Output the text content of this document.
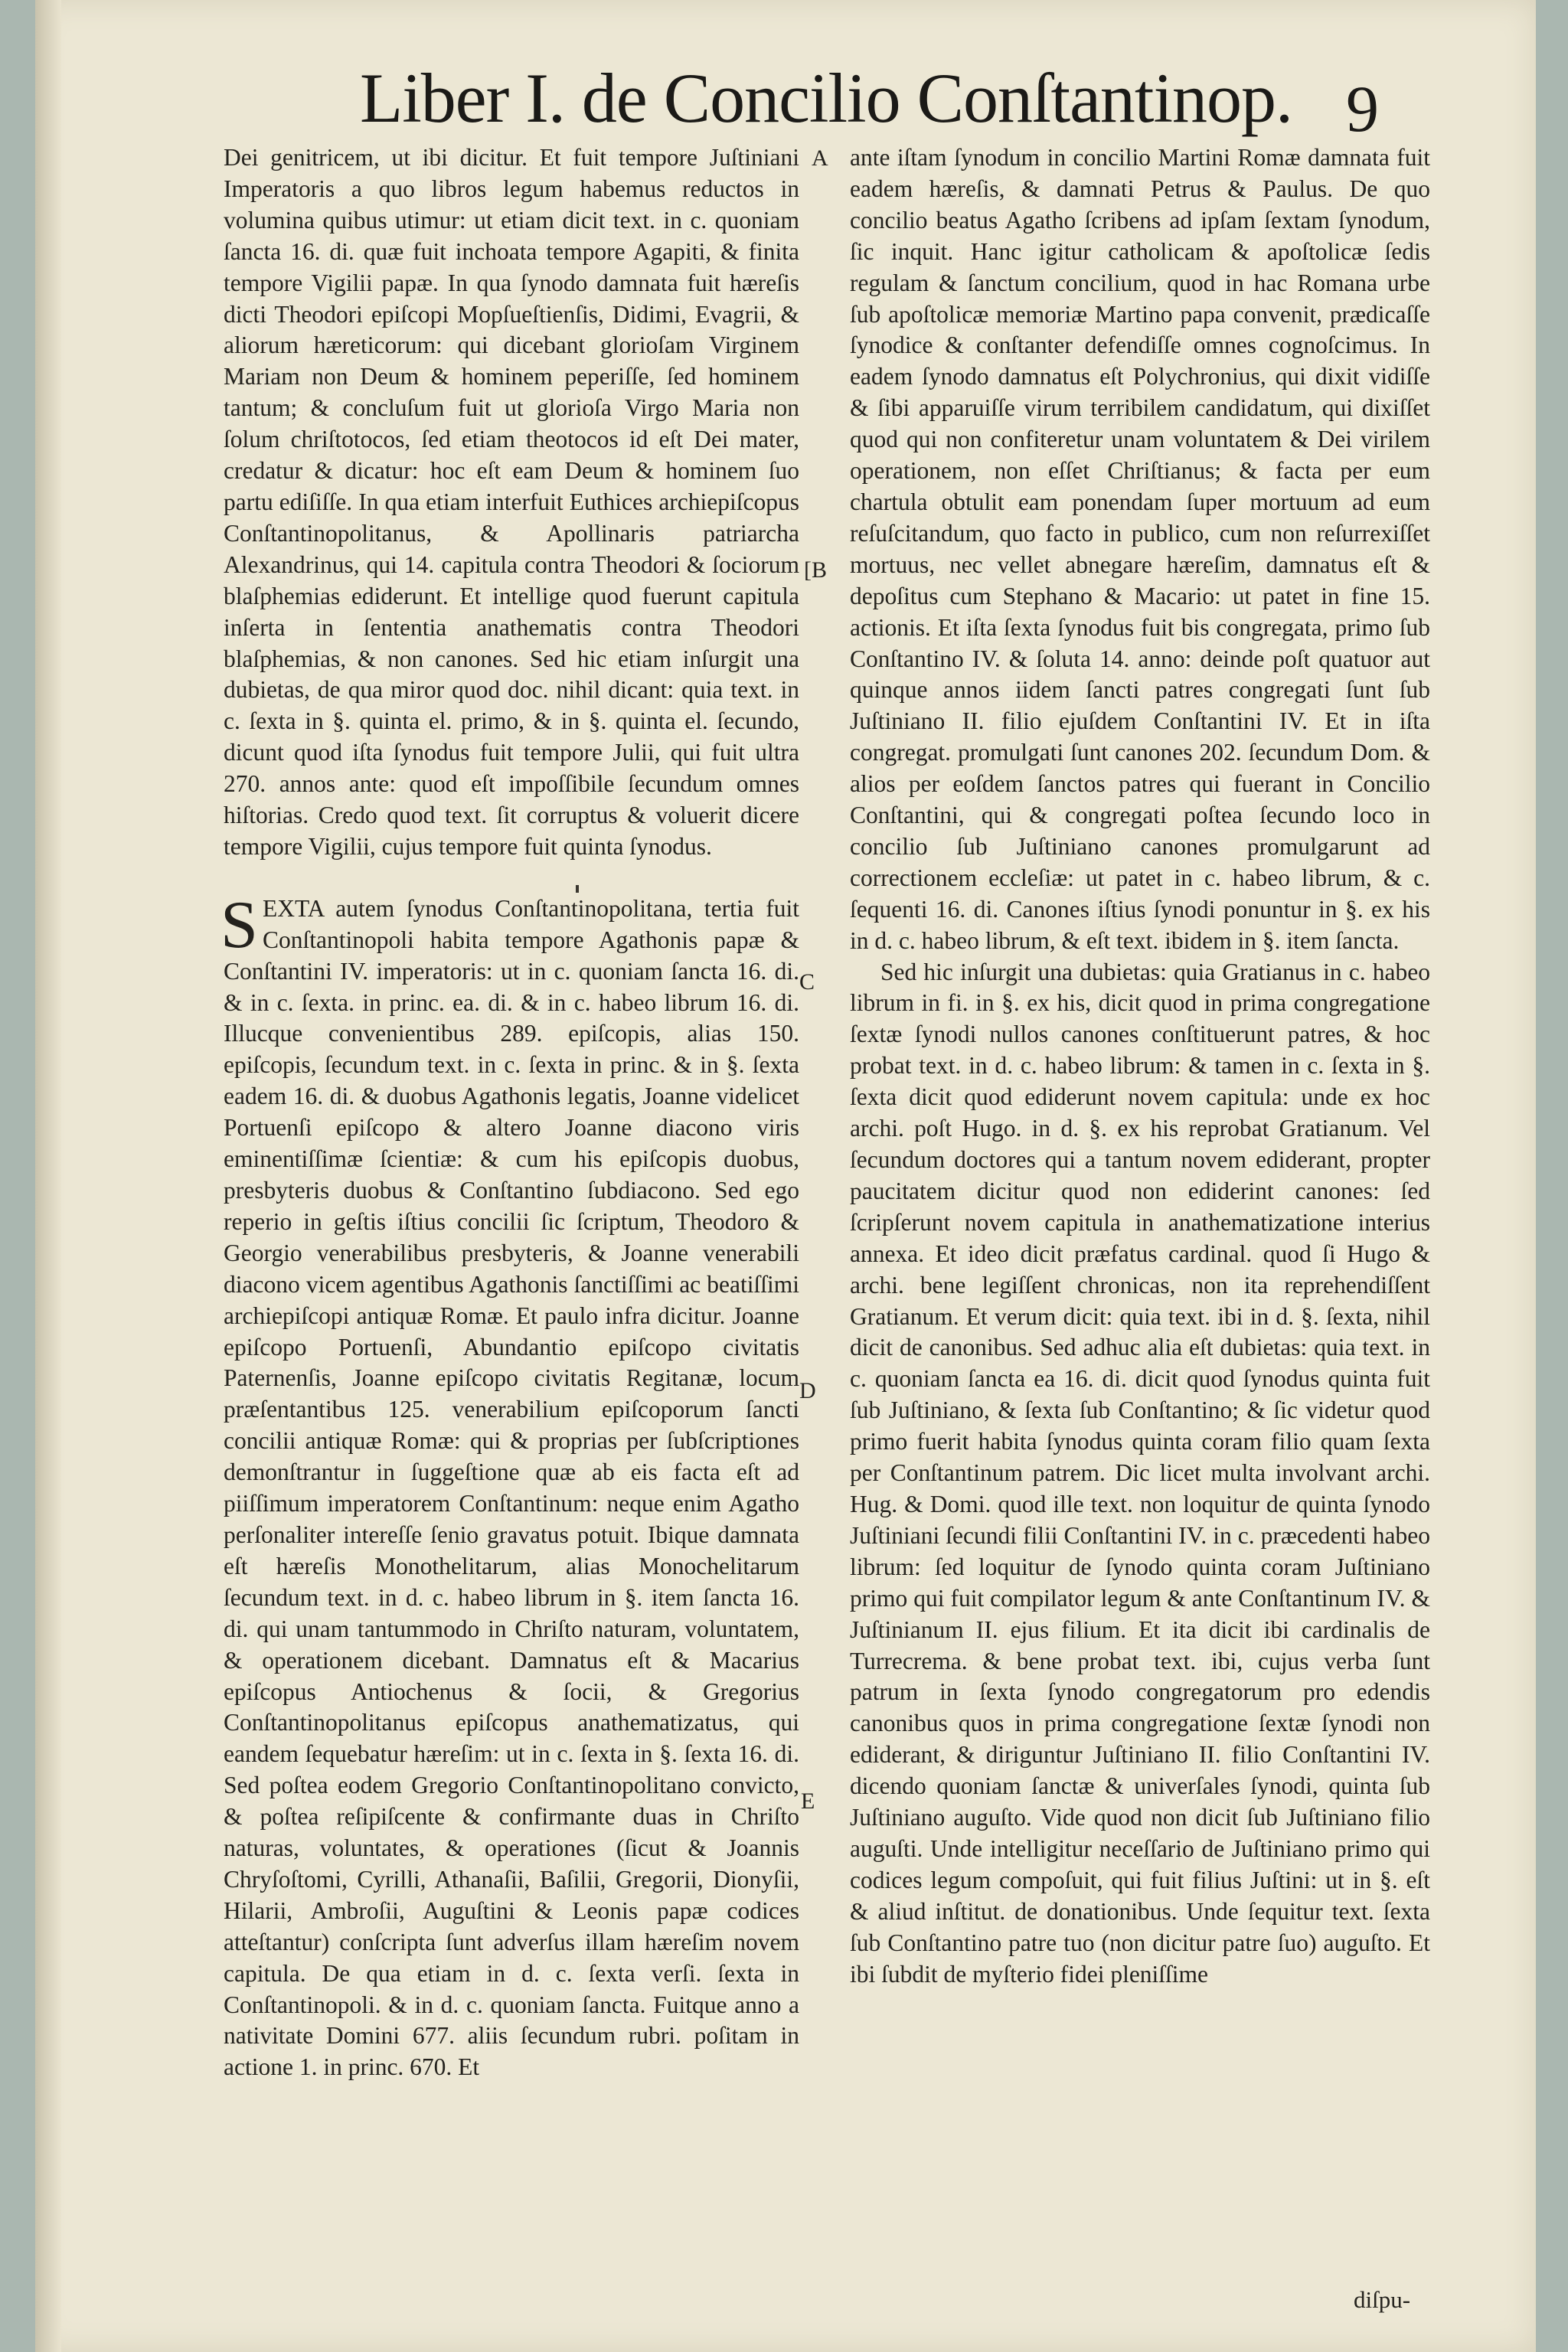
Liber I. de Concilio Conſtantinop. 9

Dei genitricem, ut ibi dicitur. Et fuit tempore Juſtiniani Imperatoris a quo libros legum habemus reductos in volumina quibus utimur: ut etiam dicit text. in c. quoniam ſancta 16. di. quæ fuit inchoata tempore Agapiti, & finita tempore Vigilii papæ. In qua ſynodo damnata fuit hæreſis dicti Theodori epiſcopi Mopſueſtienſis, Didimi, Evagrii, & aliorum hæreticorum: qui dicebant glorioſam Virginem Mariam non Deum & hominem peperiſſe, ſed hominem tantum; & concluſum fuit ut glorioſa Virgo Maria non ſolum chriſtotocos, ſed etiam theotocos id eſt Dei mater, credatur & dicatur: hoc eſt eam Deum & hominem ſuo partu ediſiſſe. In qua etiam interfuit Euthices archiepiſcopus Conſtantinopolitanus, & Apollinaris patriarcha Alexandrinus, qui 14. capitula contra Theodori & ſociorum blaſphemias ediderunt. Et intellige quod fuerunt capitula inſerta in ſententia anathematis contra Theodori blaſphemias, & non canones. Sed hic etiam inſurgit una dubietas, de qua miror quod doc. nihil dicant: quia text. in c. ſexta in §. quinta el. primo, & in §. quinta el. ſecundo, dicunt quod iſta ſynodus fuit tempore Julii, qui fuit ultra 270. annos ante: quod eſt impoſſibile ſecundum omnes hiſtorias. Credo quod text. ſit corruptus & voluerit dicere tempore Vigilii, cujus tempore fuit quinta ſynodus.

SEXTA autem ſynodus Conſtantinopolitana, tertia fuit Conſtantinopoli habita tempore Agathonis papæ & Conſtantini IV. imperatoris: ut in c. quoniam ſancta 16. di. & in c. ſexta. in princ. ea. di. & in c. habeo librum 16. di. Illucque convenientibus 289. epiſcopis, alias 150. epiſcopis, ſecundum text. in c. ſexta in princ. & in §. ſexta eadem 16. di. & duobus Agathonis legatis, Joanne videlicet Portuenſi epiſcopo & altero Joanne diacono viris eminentiſſimæ ſcientiæ: & cum his epiſcopis duobus, presbyteris duobus & Conſtantino ſubdiacono. Sed ego reperio in geſtis iſtius concilii ſic ſcriptum, Theodoro & Georgio venerabilibus presbyteris, & Joanne venerabili diacono vicem agentibus Agathonis ſanctiſſimi ac beatiſſimi archiepiſcopi antiquæ Romæ. Et paulo infra dicitur. Joanne epiſcopo Portuenſi, Abundantio epiſcopo civitatis Paternenſis, Joanne epiſcopo civitatis Regitanæ, locum præſentantibus 125. venerabilium epiſcoporum ſancti concilii antiquæ Romæ: qui & proprias per ſubſcriptiones demonſtrantur in ſuggeſtione quæ ab eis facta eſt ad piiſſimum imperatorem Conſtantinum: neque enim Agatho perſonaliter intereſſe ſenio gravatus potuit. Ibique damnata eſt hæreſis Monothelitarum, alias Monochelitarum ſecundum text. in d. c. habeo librum in §. item ſancta 16. di. qui unam tantummodo in Chriſto naturam, voluntatem, & operationem dicebant. Damnatus eſt & Macarius epiſcopus Antiochenus & ſocii, & Gregorius Conſtantinopolitanus epiſcopus anathematizatus, qui eandem ſequebatur hæreſim: ut in c. ſexta in §. ſexta 16. di. Sed poſtea eodem Gregorio Conſtantinopolitano convicto, & poſtea reſipiſcente & confirmante duas in Chriſto naturas, voluntates, & operationes (ſicut & Joannis Chryſoſtomi, Cyrilli, Athanaſii, Baſilii, Gregorii, Dionyſii, Hilarii, Ambroſii, Auguſtini & Leonis papæ codices atteſtantur) conſcripta ſunt adverſus illam hæreſim novem capitula. De qua etiam in d. c. ſexta verſi. ſexta in Conſtantinopoli. & in d. c. quoniam ſancta. Fuitque anno a nativitate Domini 677. aliis ſecundum rubri. poſitam in actione 1. in princ. 670. Et

ante iſtam ſynodum in concilio Martini Romæ damnata fuit eadem hæreſis, & damnati Petrus & Paulus. De quo concilio beatus Agatho ſcribens ad ipſam ſextam ſynodum, ſic inquit. Hanc igitur catholicam & apoſtolicæ ſedis regulam & ſanctum concilium, quod in hac Romana urbe ſub apoſtolicæ memoriæ Martino papa convenit, prædicaſſe ſynodice & conſtanter defendiſſe omnes cognoſcimus. In eadem ſynodo damnatus eſt Polychronius, qui dixit vidiſſe & ſibi apparuiſſe virum terribilem candidatum, qui dixiſſet quod qui non confiteretur unam voluntatem & Dei virilem operationem, non eſſet Chriſtianus; & facta per eum chartula obtulit eam ponendam ſuper mortuum ad eum reſuſcitandum, quo facto in publico, cum non reſurrexiſſet mortuus, nec vellet abnegare hæreſim, damnatus eſt & depoſitus cum Stephano & Macario: ut patet in fine 15. actionis. Et iſta ſexta ſynodus fuit bis congregata, primo ſub Conſtantino IV. & ſoluta 14. anno: deinde poſt quatuor aut quinque annos iidem ſancti patres congregati ſunt ſub Juſtiniano II. filio ejuſdem Conſtantini IV. Et in iſta congregat. promulgati ſunt canones 202. ſecundum Dom. & alios per eoſdem ſanctos patres qui fuerant in Concilio Conſtantini, qui & congregati poſtea ſecundo loco in concilio ſub Juſtiniano canones promulgarunt ad correctionem eccleſiæ: ut patet in c. habeo librum, & c. ſequenti 16. di. Canones iſtius ſynodi ponuntur in §. ex his in d. c. habeo librum, & eſt text. ibidem in §. item ſancta.

Sed hic inſurgit una dubietas: quia Gratianus in c. habeo librum in fi. in §. ex his, dicit quod in prima congregatione ſextæ ſynodi nullos canones conſtituerunt patres, & hoc probat text. in d. c. habeo librum: & tamen in c. ſexta in §. ſexta dicit quod ediderunt novem capitula: unde ex hoc archi. poſt Hugo. in d. §. ex his reprobat Gratianum. Vel ſecundum doctores qui a tantum novem ediderant, propter paucitatem dicitur quod non ediderint canones: ſed ſcripſerunt novem capitula in anathematizatione interius annexa. Et ideo dicit præfatus cardinal. quod ſi Hugo & archi. bene legiſſent chronicas, non ita reprehendiſſent Gratianum. Et verum dicit: quia text. ibi in d. §. ſexta, nihil dicit de canonibus. Sed adhuc alia eſt dubietas: quia text. in c. quoniam ſancta ea 16. di. dicit quod ſynodus quinta fuit ſub Juſtiniano, & ſexta ſub Conſtantino; & ſic videtur quod primo fuerit habita ſynodus quinta coram filio quam ſexta per Conſtantinum patrem. Dic licet multa involvant archi. Hug. & Domi. quod ille text. non loquitur de quinta ſynodo Juſtiniani ſecundi filii Conſtantini IV. in c. præcedenti habeo librum: ſed loquitur de ſynodo quinta coram Juſtiniano primo qui fuit compilator legum & ante Conſtantinum IV. & Juſtinianum II. ejus filium. Et ita dicit ibi cardinalis de Turrecrema. & bene probat text. ibi, cujus verba ſunt patrum in ſexta ſynodo congregatorum pro edendis canonibus quos in prima congregatione ſextæ ſynodi non ediderant, & diriguntur Juſtiniano II. filio Conſtantini IV. dicendo quoniam ſanctæ & univerſales ſynodi, quinta ſub Juſtiniano auguſto. Vide quod non dicit ſub Juſtiniano filio auguſti. Unde intelligitur neceſſario de Juſtiniano primo qui codices legum compoſuit, qui fuit filius Juſtini: ut in §. eſt & aliud inſtitut. de donationibus. Unde ſequitur text. ſexta ſub Conſtantino patre tuo (non dicitur patre ſuo) auguſto. Et ibi ſubdit de myſterio fidei pleniſſime

A
[B
C
D
E
diſpu-
